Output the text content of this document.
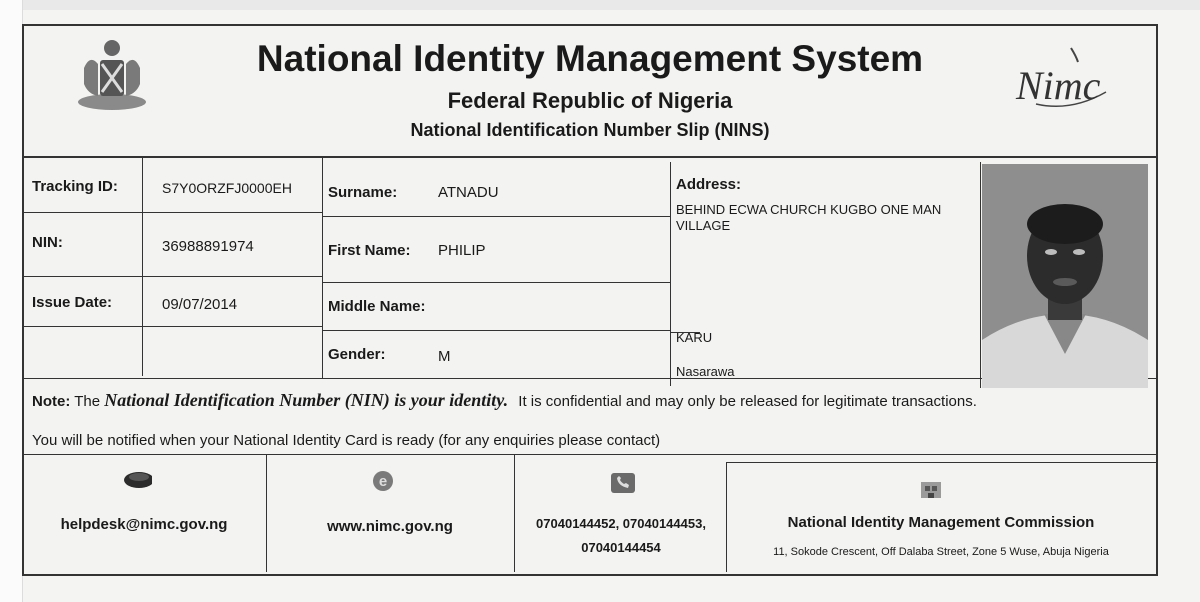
National Identity Management System
Federal Republic of Nigeria
National Identification Number Slip (NINS)
Nimc
Tracking ID:	S7Y0ORZFJ0000EH
NIN:	36988891974
Issue Date:	09/07/2014
Surname:	ATNADU
First Name: PHILIP
Middle Name:
Gender:	M
Address:
BEHIND ECWA CHURCH KUGBO ONE MAN
VILLAGE
KARU
Nasarawa
Note: The National Identification Number (NIN) is your identity. It is confidential and may only be released for legitimate transactions.
You will be notified when your National Identity Card is ready (for any enquiries please contact)
helpdesk@nimc.gov.ng
e
www.nimc.gov.ng	07040144452, 07040144453,
07040144454
National Identity Management Commission
11, Sokode Crescent, Off Dalaba Street, Zone 5 Wuse, Abuja Nigeria
